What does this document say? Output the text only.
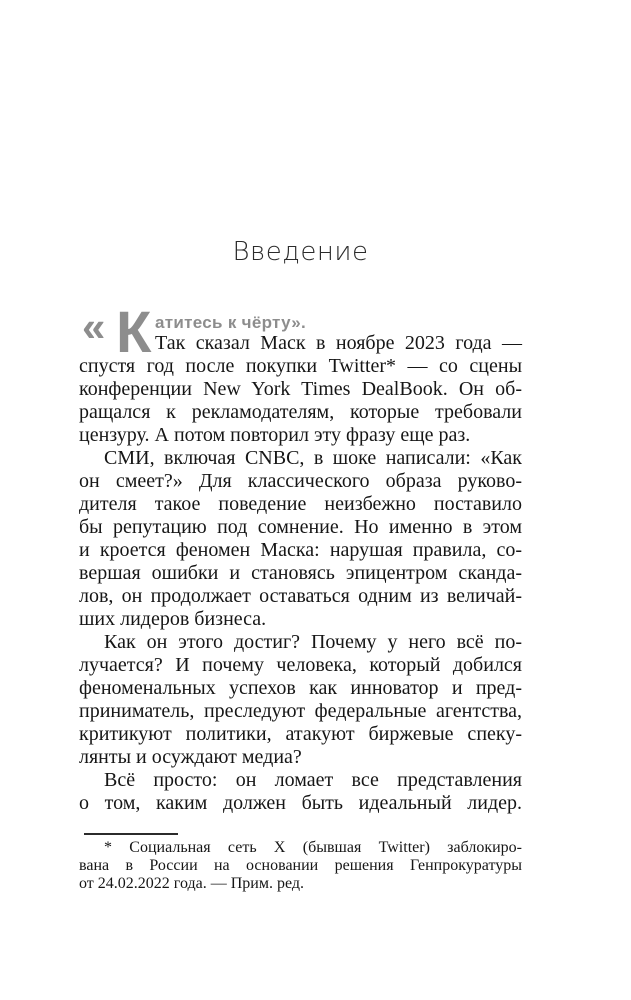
Введение
« К атитесь к чёрту».
Так сказал Маск в ноябре 2023 года —
спустя год после покупки Twitter* — со сцены
конференции New York Times DealBook. Он об-
ращался к рекламодателям, которые требовали
цензуру. А потом повторил эту фразу еще раз.
СМИ, включая CNBC, в шоке написали: «Как
он смеет?» Для классического образа руково-
дителя такое поведение неизбежно поставило
бы репутацию под сомнение. Но именно в этом
и кроется феномен Маска: нарушая правила, со-
вершая ошибки и становясь эпицентром сканда-
лов, он продолжает оставаться одним из величай-
ших лидеров бизнеса.
Как он этого достиг? Почему у него всё по-
лучается? И почему человека, который добился
феноменальных успехов как инноватор и пред-
приниматель, преследуют федеральные агентства,
критикуют политики, атакуют биржевые спеку-
лянты и осуждают медиа?
Всё просто: он ломает все представления
о том, каким должен быть идеальный лидер.
* Социальная сеть X (бывшая Twitter) заблокиро-
вана в России на основании решения Генпрокуратуры
от 24.02.2022 года. — Прим. ред.
